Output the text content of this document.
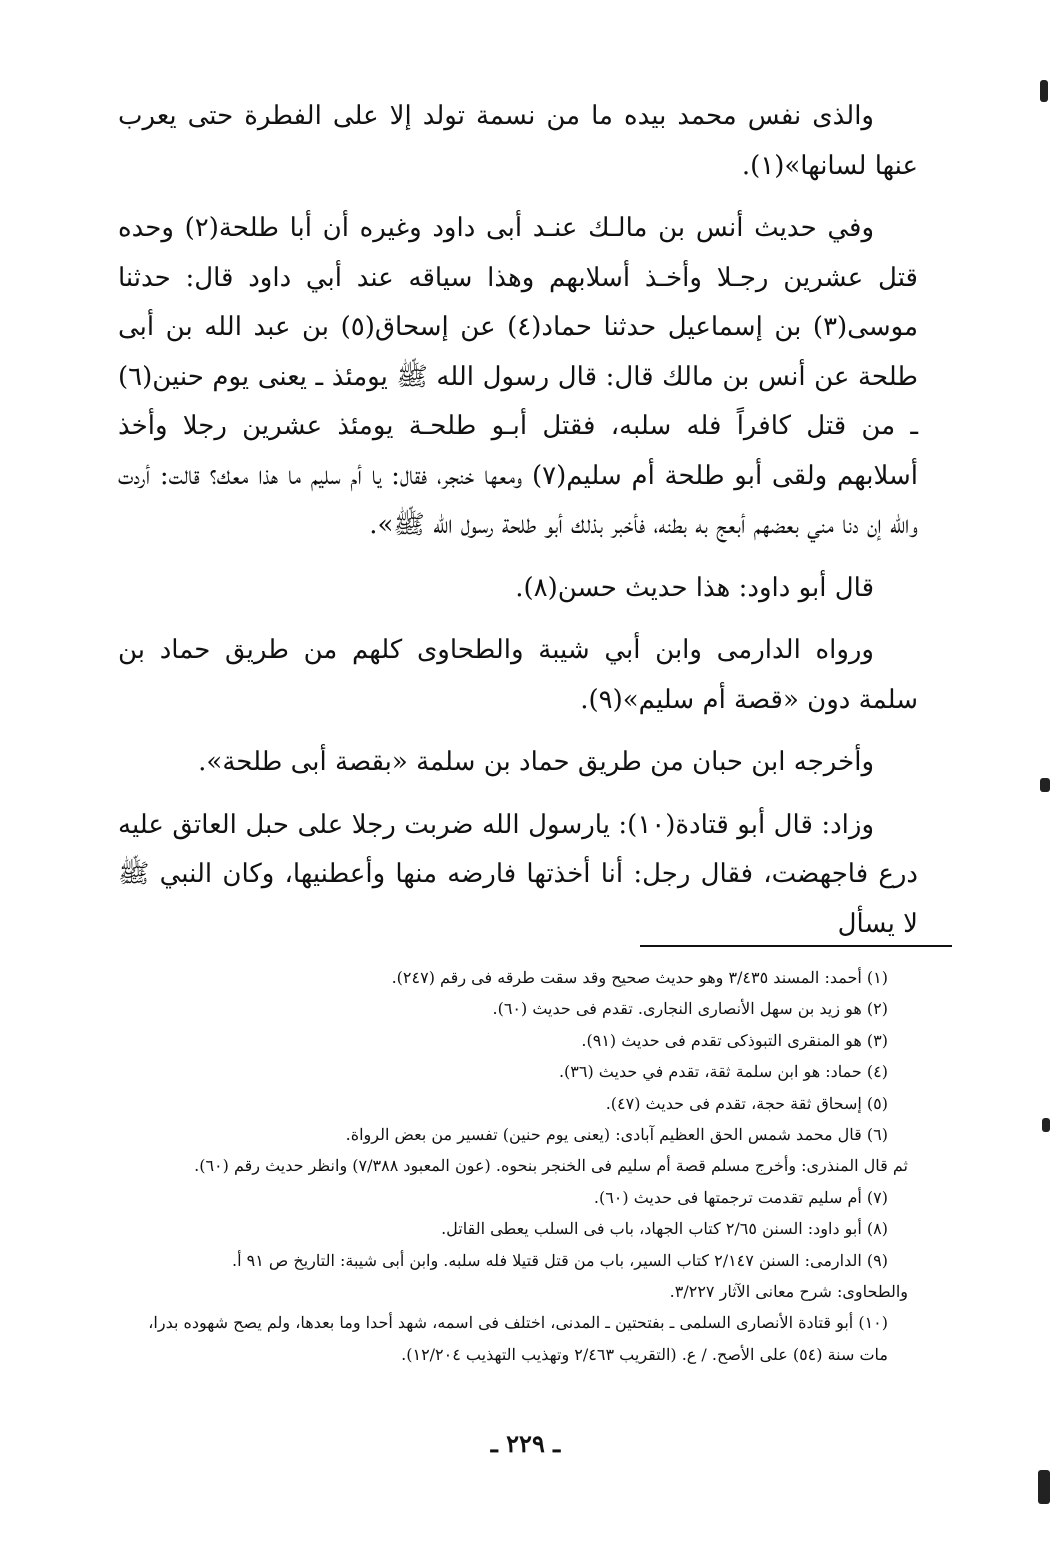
والذى نفس محمد بيده ما من نسمة تولد إلا على الفطرة حتى يعرب عنها لسانها»(١).

وفي حديث أنس بن مالـك عنـد أبى داود وغيره أن أبا طلحة(٢) وحده قتل عشرين رجـلا وأخـذ أسلابهم وهذا سياقه عند أبي داود قال: حدثنا موسى(٣) بن إسماعيل حدثنا حماد(٤) عن إسحاق(٥) بن عبد الله بن أبى طلحة عن أنس بن مالك قال: قال رسول الله ﷺ يومئذ ـ يعنى يوم حنين(٦) ـ من قتل كافراً فله سلبه، فقتل أبـو طلحـة يومئذ عشرين رجلا وأخذ أسلابهم ولقى أبو طلحة أم سليم(٧) ومعها خنجر، فقال: يا أم سليم ما هذا معك؟ قالت: أردت والله إن دنا مني بعضهم أبعج به بطنه، فأخبر بذلك أبو طلحة رسول الله ﷺ».

قال أبو داود: هذا حديث حسن(٨).

ورواه الدارمى وابن أبي شيبة والطحاوى كلهم من طريق حماد بن سلمة دون «قصة أم سليم»(٩).

وأخرجه ابن حبان من طريق حماد بن سلمة «بقصة أبى طلحة».

وزاد: قال أبو قتادة(١٠): يارسول الله ضربت رجلا على حبل العاتق عليه درع فاجهضت، فقال رجل: أنا أخذتها فارضه منها وأعطنيها، وكان النبي ﷺ لا يسأل

(١) أحمد: المسند ٣/٤٣٥ وهو حديث صحيح وقد سقت طرقه فى رقم (٢٤٧).

(٢) هو زيد بن سهل الأنصارى النجارى. تقدم فى حديث (٦٠).

(٣) هو المنقرى التبوذكى تقدم فى حديث (٩١).

(٤) حماد: هو ابن سلمة ثقة، تقدم في حديث (٣٦).

(٥) إسحاق ثقة حجة، تقدم فى حديث (٤٧).

(٦) قال محمد شمس الحق العظيم آبادى: (يعنى يوم حنين) تفسير من بعض الرواة.

ثم قال المنذرى: وأخرج مسلم قصة أم سليم فى الخنجر بنحوه. (عون المعبود ٧/٣٨٨) وانظر حديث رقم (٦٠).

(٧) أم سليم تقدمت ترجمتها فى حديث (٦٠).

(٨) أبو داود: السنن ٢/٦٥ كتاب الجهاد، باب فى السلب يعطى القاتل.

(٩) الدارمى: السنن ٢/١٤٧ كتاب السير، باب من قتل قتيلا فله سلبه. وابن أبى شيبة: التاريخ ص ٩١ أ.

والطحاوى: شرح معانى الآثار ٣/٢٢٧.

(١٠) أبو قتادة الأنصارى السلمى ـ بفتحتين ـ المدنى، اختلف فى اسمه، شهد أحدا وما بعدها، ولم يصح شهوده بدرا، مات سنة (٥٤) على الأصح. / ع. (التقريب ٢/٤٦٣ وتهذيب التهذيب ١٢/٢٠٤).

ـ ٢٢٩ ـ
